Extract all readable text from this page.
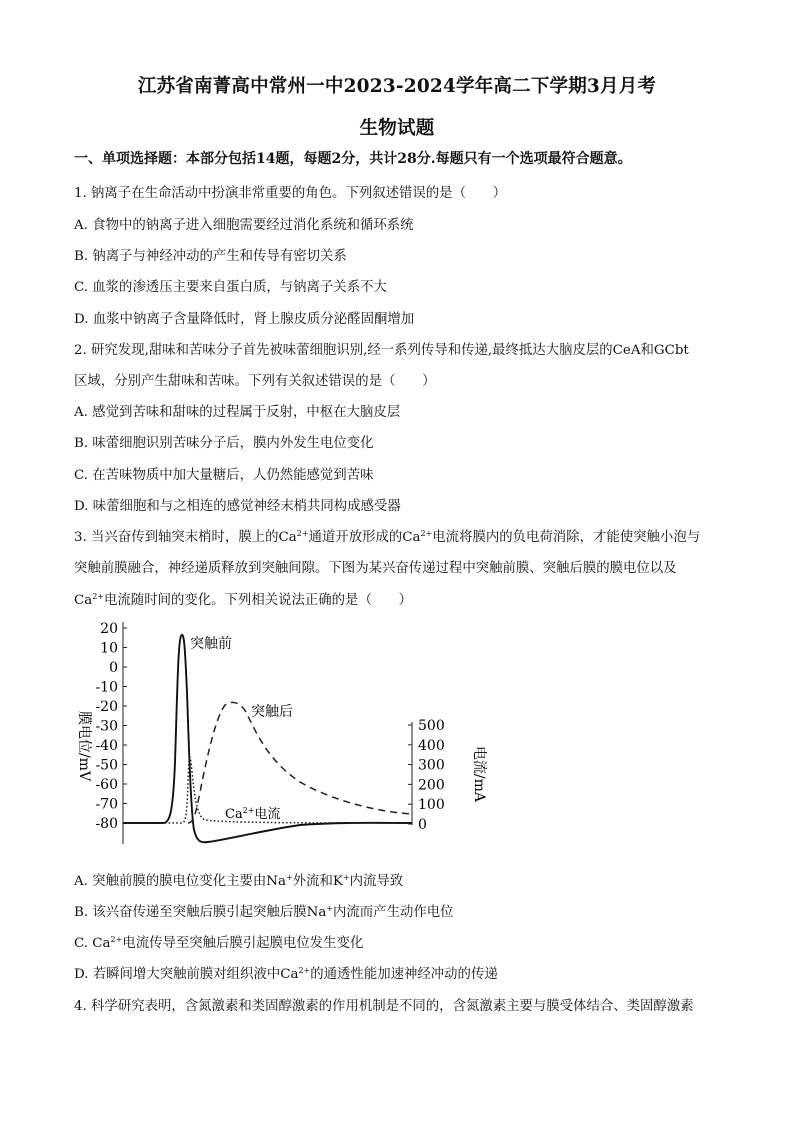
江苏省南菁高中常州一中2023-2024学年高二下学期3月月考
生物试题
一、单项选择题：本部分包括14题，每题2分，共计28分.每题只有一个选项最符合题意。
1. 钠离子在生命活动中扮演非常重要的角色。下列叙述错误的是（　　）
A. 食物中的钠离子进入细胞需要经过消化系统和循环系统
B. 钠离子与神经冲动的产生和传导有密切关系
C. 血浆的渗透压主要来自蛋白质，与钠离子关系不大
D. 血浆中钠离子含量降低时，肾上腺皮质分泌醛固酮增加
2. 研究发现,甜味和苦味分子首先被味蕾细胞识别,经一系列传导和传递,最终抵达大脑皮层的CeA和GCbt
区域，分别产生甜味和苦味。下列有关叙述错误的是（　　）
A. 感觉到苦味和甜味的过程属于反射，中枢在大脑皮层
B. 味蕾细胞识别苦味分子后，膜内外发生电位变化
C. 在苦味物质中加大量糖后，人仍然能感觉到苦味
D. 味蕾细胞和与之相连的感觉神经末梢共同构成感受器
3. 当兴奋传到轴突末梢时，膜上的$Ca^{2+}$通道开放形成的$Ca^{2+}$电流将膜内的负电荷消除，才能使突触小泡与
突触前膜融合，神经递质释放到突触间隙。下图为某兴奋传递过程中突触前膜、突触后膜的膜电位以及
$Ca^{2+}$电流随时间的变化。下列相关说法正确的是（　　）
20
10
0
-10
-20
-30
-40
-50
-60
-70
-80
膜电位/mV	500
400
300
200
100
0
电流/mA
突触前
突触后
$Ca^{2+}$电流
A. 突触前膜的膜电位变化主要由Na+外流和K+内流导致
B. 该兴奋传递至突触后膜引起突触后膜Na+内流而产生动作电位
C. $Ca^{2+}$电流传导至突触后膜引起膜电位发生变化
D. 若瞬间增大突触前膜对组织液中$Ca^{2+}$的通透性能加速神经冲动的传递
4. 科学研究表明，含氮激素和类固醇激素的作用机制是不同的，含氮激素主要与膜受体结合、类固醇激素
